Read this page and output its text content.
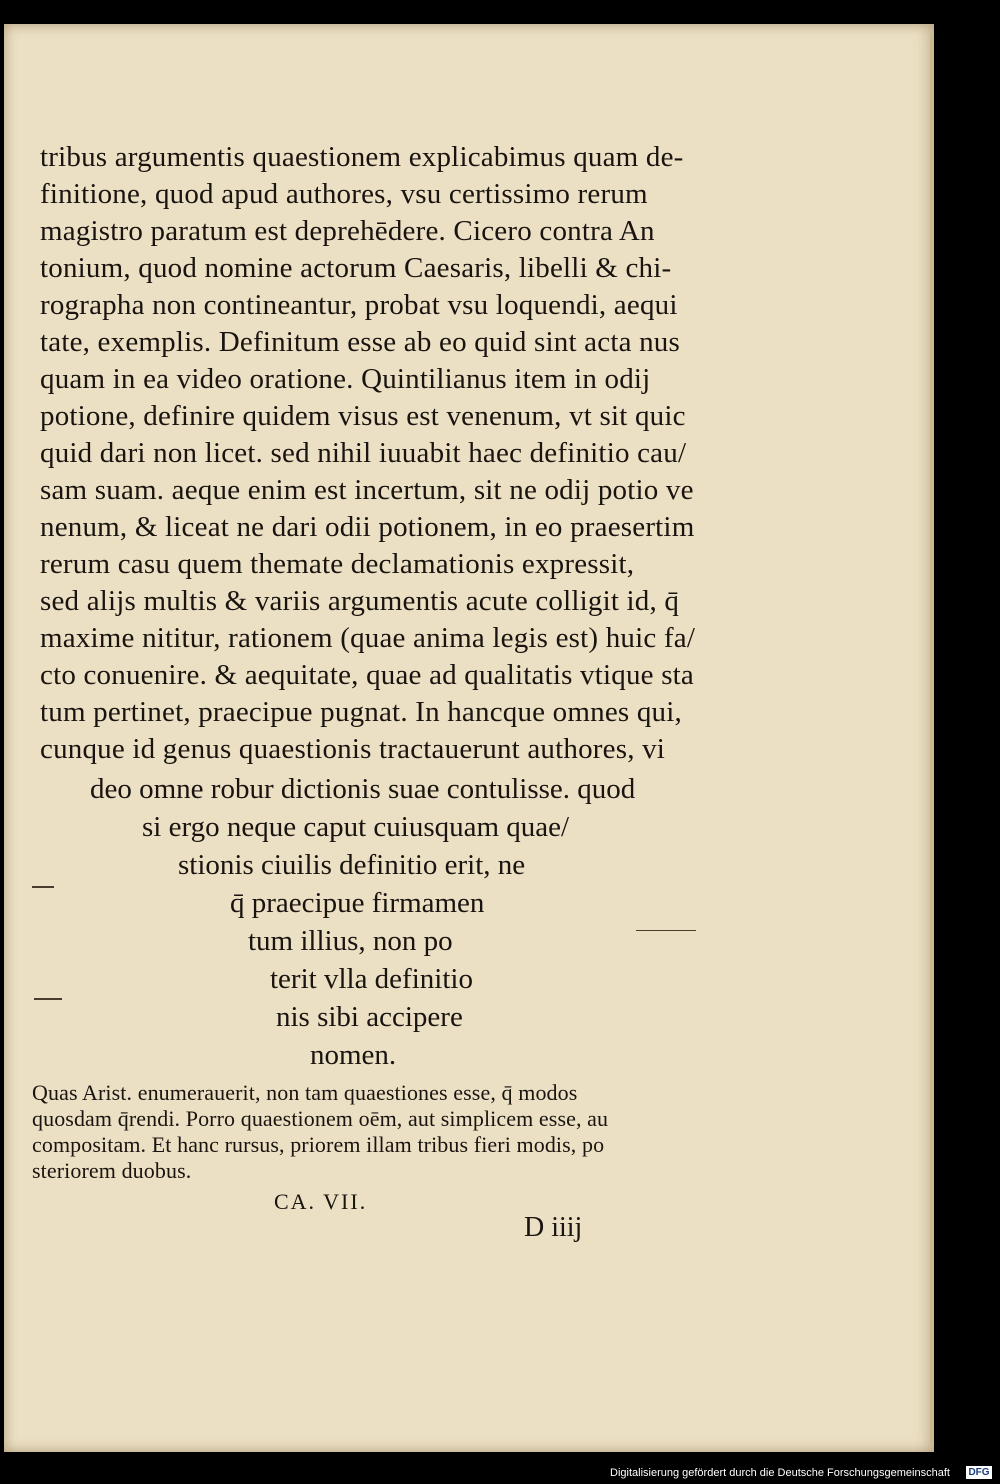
tribus argumentis quaestionem explicabimus quam de-
finitione, quod apud authores, vsu certissimo rerum
magistro paratum est deprehēdere. Cicero contra An
tonium, quod nomine actorum Caesaris, libelli & chi-
rographa non contineantur, probat vsu loquendi, aequi
tate, exemplis. Definitum esse ab eo quid sint acta nus
quam in ea video oratione. Quintilianus item in odij
potione, definire quidem visus est venenum, vt sit quic
quid dari non licet. sed nihil iuuabit haec definitio cau/
sam suam. aeque enim est incertum, sit ne odij potio ve
nenum, & liceat ne dari odii potionem, in eo praesertim
rerum casu quem themate declamationis expressit,
sed alijs multis & variis argumentis acute colligit id, q̄
maxime nititur, rationem (quae anima legis est) huic fa/
cto conuenire. & aequitate, quae ad qualitatis vtique sta
tum pertinet, praecipue pugnat. In hancque omnes qui,
cunque id genus quaestionis tractauerunt authores, vi
deo omne robur dictionis suae contulisse. quod
si ergo neque caput cuiusquam quae/
stionis ciuilis definitio erit, ne
q̄ praecipue firmamen
tum illius, non po
terit vlla definitio
nis sibi accipere
nomen.
Quas Arist. enumerauerit, non tam quaestiones esse, q̄ modos
quosdam q̄rendi. Porro quaestionem oēm, aut simplicem esse, au
compositam. Et hanc rursus, priorem illam tribus fieri modis, po
steriorem duobus.
CA. VII.
D iiij
Digitalisierung gefördert durch die Deutsche Forschungsgemeinschaft DFG
